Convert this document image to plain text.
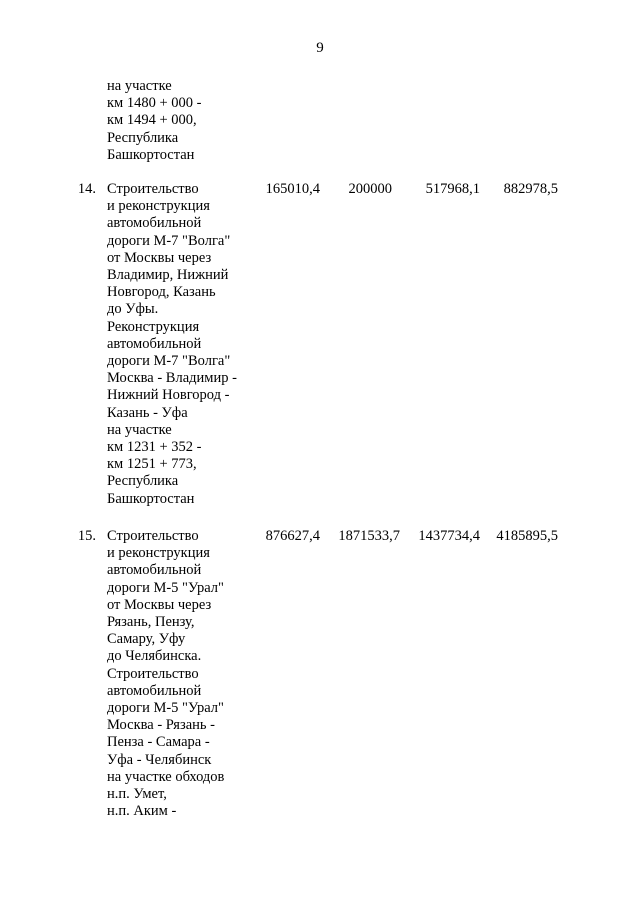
9
на участке
км 1480 + 000 -
км 1494 + 000,
Республика
Башкортостан
14. Строительство
и реконструкция
автомобильной
дороги М-7 "Волга"
от Москвы через
Владимир, Нижний
Новгород, Казань
до Уфы.
Реконструкция
автомобильной
дороги М-7 "Волга"
Москва - Владимир -
Нижний Новгород -
Казань - Уфа
на участке
км 1231 + 352 -
км 1251 + 773,
Республика
Башкортостан
165010,4	200000	517968,1	882978,5
15. Строительство
и реконструкция
автомобильной
дороги М-5 "Урал"
от Москвы через
Рязань, Пензу,
Самару, Уфу
до Челябинска.
Строительство
автомобильной
дороги М-5 "Урал"
Москва - Рязань -
Пенза - Самара -
Уфа - Челябинск
на участке обходов
н.п. Умет,
н.п. Аким -
876627,4	1871533,7	1437734,4	4185895,5
